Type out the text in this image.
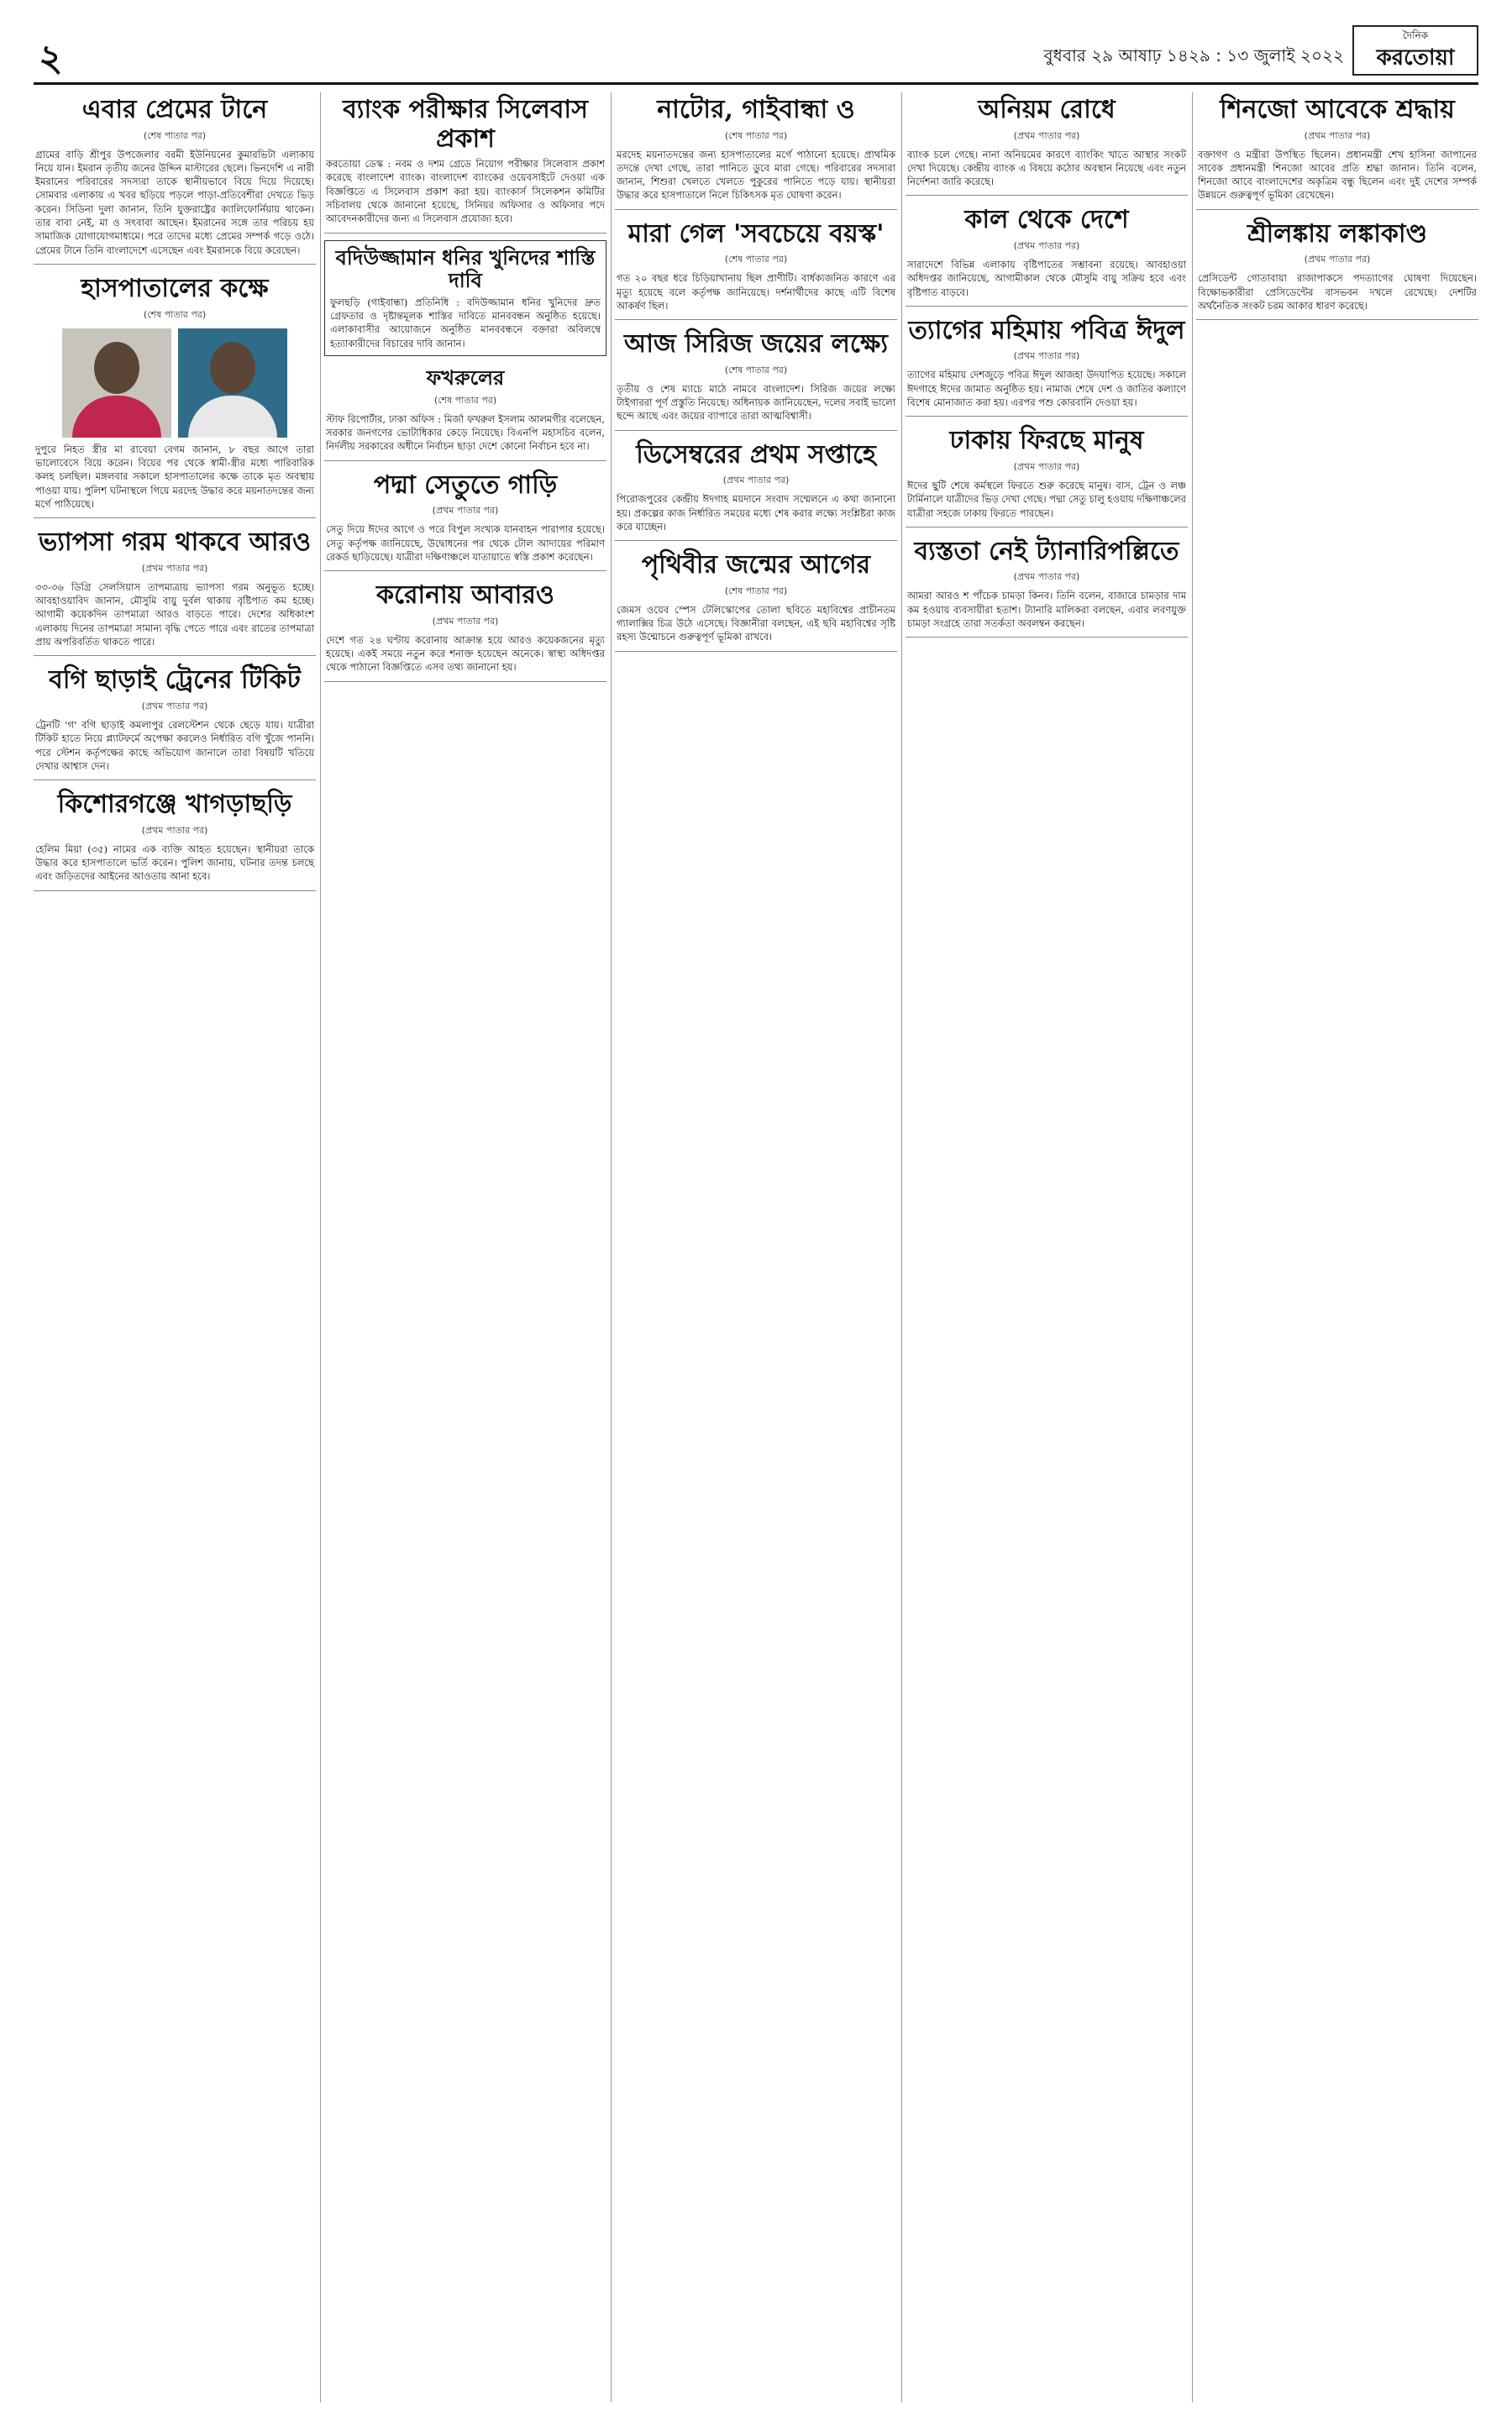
২	বুধবার ২৯ আষাঢ় ১৪২৯ : ১৩ জুলাই ২০২২
দৈনিক
করতোয়া
এবার প্রেমের টানে
(শেষ পাতার পর)
গ্রামের বাড়ি শ্রীপুর উপজেলার বরমী ইউনিয়নের কুমারভিটা এলাকায় নিয়ে যান। ইমরান তৃতীয় জনের উদ্দিন মাস্টারের ছেলে। ভিনদেশি এ নারী ইমরানের পরিবারের সদস্যরা তাকে স্থানীয়ভাবে বিয়ে দিয়ে দিয়েছে। সোমবার এলাকায় এ খবর ছড়িয়ে পড়লে পাড়া-প্রতিবেশীরা দেখতে ভিড় করেন। সিডিনা দুলা জানান, তিনি যুক্তরাষ্ট্রের ক্যালিফোর্নিয়ায় থাকেন। তার বাবা নেই, মা ও সৎবাবা আছেন। ইমরানের সঙ্গে তার পরিচয় হয় সামাজিক যোগাযোগমাধ্যমে। পরে তাদের মধ্যে প্রেমের সম্পর্ক গড়ে ওঠে। প্রেমের টানে তিনি বাংলাদেশে এসেছেন এবং ইমরানকে বিয়ে করেছেন।
হাসপাতালের কক্ষে
(শেষ পাতার পর)
দুপুরে নিহত স্ত্রীর মা রাবেয়া বেগম জানান, ৮ বছর আগে তারা ভালোবেসে বিয়ে করেন। বিয়ের পর থেকে স্বামী-স্ত্রীর মধ্যে পারিবারিক কলহ চলছিল। মঙ্গলবার সকালে হাসপাতালের কক্ষে তাকে মৃত অবস্থায় পাওয়া যায়। পুলিশ ঘটনাস্থলে গিয়ে মরদেহ উদ্ধার করে ময়নাতদন্তের জন্য মর্গে পাঠিয়েছে।
ভ্যাপসা গরম থাকবে আরও
(প্রথম পাতার পর)
৩৩-৩৬ ডিগ্রি সেলসিয়াস তাপমাত্রায় ভ্যাপসা গরম অনুভূত হচ্ছে। আবহাওয়াবিদ জানান, মৌসুমি বায়ু দুর্বল থাকায় বৃষ্টিপাত কম হচ্ছে। আগামী কয়েকদিন তাপমাত্রা আরও বাড়তে পারে। দেশের অধিকাংশ এলাকায় দিনের তাপমাত্রা সামান্য বৃদ্ধি পেতে পারে এবং রাতের তাপমাত্রা প্রায় অপরিবর্তিত থাকতে পারে।
বগি ছাড়াই ট্রেনের টিকিট
(প্রথম পাতার পর)
ট্রেনটি 'গ' বগি ছাড়াই কমলাপুর রেলস্টেশন থেকে ছেড়ে যায়। যাত্রীরা টিকিট হাতে নিয়ে প্ল্যাটফর্মে অপেক্ষা করলেও নির্ধারিত বগি খুঁজে পাননি। পরে স্টেশন কর্তৃপক্ষের কাছে অভিযোগ জানালে তারা বিষয়টি খতিয়ে দেখার আশ্বাস দেন।
কিশোরগঞ্জে খাগড়াছড়ি
(প্রথম পাতার পর)
হেলিম মিয়া (৩৫) নামের এক ব্যক্তি আহত হয়েছেন। স্থানীয়রা তাকে উদ্ধার করে হাসপাতালে ভর্তি করেন। পুলিশ জানায়, ঘটনার তদন্ত চলছে এবং জড়িতদের আইনের আওতায় আনা হবে।
ব্যাংক পরীক্ষার সিলেবাস প্রকাশ
করতোয়া ডেস্ক : নবম ও দশম গ্রেডে নিয়োগ পরীক্ষার সিলেবাস প্রকাশ করেছে বাংলাদেশ ব্যাংক। বাংলাদেশ ব্যাংকের ওয়েবসাইটে দেওয়া এক বিজ্ঞপ্তিতে এ সিলেবাস প্রকাশ করা হয়। ব্যাংকার্স সিলেকশন কমিটির সচিবালয় থেকে জানানো হয়েছে, সিনিয়র অফিসার ও অফিসার পদে আবেদনকারীদের জন্য এ সিলেবাস প্রযোজ্য হবে।
বদিউজ্জামান ধনির খুনিদের শাস্তি দাবি
ফুলছড়ি (গাইবান্ধা) প্রতিনিধি : বদিউজ্জামান ধনির খুনিদের দ্রুত গ্রেফতার ও দৃষ্টান্তমূলক শাস্তির দাবিতে মানববন্ধন অনুষ্ঠিত হয়েছে। এলাকাবাসীর আয়োজনে অনুষ্ঠিত মানববন্ধনে বক্তারা অবিলম্বে হত্যাকারীদের বিচারের দাবি জানান।
ফখরুলের
(শেষ পাতার পর)
স্টাফ রিপোর্টার, ঢাকা অফিস : মির্জা ফখরুল ইসলাম আলমগীর বলেছেন, সরকার জনগণের ভোটাধিকার কেড়ে নিয়েছে। বিএনপি মহাসচিব বলেন, নির্দলীয় সরকারের অধীনে নির্বাচন ছাড়া দেশে কোনো নির্বাচন হবে না।
পদ্মা সেতুতে গাড়ি
(প্রথম পাতার পর)
সেতু দিয়ে ঈদের আগে ও পরে বিপুল সংখ্যক যানবাহন পারাপার হয়েছে। সেতু কর্তৃপক্ষ জানিয়েছে, উদ্বোধনের পর থেকে টোল আদায়ের পরিমাণ রেকর্ড ছাড়িয়েছে। যাত্রীরা দক্ষিণাঞ্চলে যাতায়াতে স্বস্তি প্রকাশ করেছেন।
করোনায় আবারও
(প্রথম পাতার পর)
দেশে গত ২৪ ঘণ্টায় করোনায় আক্রান্ত হয়ে আরও কয়েকজনের মৃত্যু হয়েছে। একই সময়ে নতুন করে শনাক্ত হয়েছেন অনেকে। স্বাস্থ্য অধিদপ্তর থেকে পাঠানো বিজ্ঞপ্তিতে এসব তথ্য জানানো হয়।
নাটোর, গাইবান্ধা ও
(শেষ পাতার পর)
মরদেহ ময়নাতদন্তের জন্য হাসপাতালের মর্গে পাঠানো হয়েছে। প্রাথমিক তদন্তে দেখা গেছে, তারা পানিতে ডুবে মারা গেছে। পরিবারের সদস্যরা জানান, শিশুরা খেলতে খেলতে পুকুরের পানিতে পড়ে যায়। স্থানীয়রা উদ্ধার করে হাসপাতালে নিলে চিকিৎসক মৃত ঘোষণা করেন।
মারা গেল 'সবচেয়ে বয়স্ক'
(শেষ পাতার পর)
গত ২০ বছর ধরে চিড়িয়াখানায় ছিল প্রাণীটি। বার্ধক্যজনিত কারণে এর মৃত্যু হয়েছে বলে কর্তৃপক্ষ জানিয়েছে। দর্শনার্থীদের কাছে এটি বিশেষ আকর্ষণ ছিল।
আজ সিরিজ জয়ের লক্ষ্যে
(শেষ পাতার পর)
তৃতীয় ও শেষ ম্যাচে মাঠে নামবে বাংলাদেশ। সিরিজ জয়ের লক্ষ্যে টাইগাররা পূর্ণ প্রস্তুতি নিয়েছে। অধিনায়ক জানিয়েছেন, দলের সবাই ভালো ছন্দে আছে এবং জয়ের ব্যাপারে তারা আত্মবিশ্বাসী।
ডিসেম্বরের প্রথম সপ্তাহে
(প্রথম পাতার পর)
পিরোজপুরের কেন্দ্রীয় ঈদগাহ ময়দানে সংবাদ সম্মেলনে এ কথা জানানো হয়। প্রকল্পের কাজ নির্ধারিত সময়ের মধ্যে শেষ করার লক্ষ্যে সংশ্লিষ্টরা কাজ করে যাচ্ছেন।
পৃথিবীর জন্মের আগের
(শেষ পাতার পর)
জেমস ওয়েব স্পেস টেলিস্কোপের তোলা ছবিতে মহাবিশ্বের প্রাচীনতম গ্যালাক্সির চিত্র উঠে এসেছে। বিজ্ঞানীরা বলছেন, এই ছবি মহাবিশ্বের সৃষ্টি রহস্য উন্মোচনে গুরুত্বপূর্ণ ভূমিকা রাখবে।
অনিয়ম রোধে
(প্রথম পাতার পর)
ব্যাংক চলে গেছে। নানা অনিয়মের কারণে ব্যাংকিং খাতে আস্থার সংকট দেখা দিয়েছে। কেন্দ্রীয় ব্যাংক এ বিষয়ে কঠোর অবস্থান নিয়েছে এবং নতুন নির্দেশনা জারি করেছে।
কাল থেকে দেশে
(প্রথম পাতার পর)
সারাদেশে বিভিন্ন এলাকায় বৃষ্টিপাতের সম্ভাবনা রয়েছে। আবহাওয়া অধিদপ্তর জানিয়েছে, আগামীকাল থেকে মৌসুমি বায়ু সক্রিয় হবে এবং বৃষ্টিপাত বাড়বে।
ত্যাগের মহিমায় পবিত্র ঈদুল
(প্রথম পাতার পর)
ত্যাগের মহিমায় দেশজুড়ে পবিত্র ঈদুল আজহা উদযাপিত হয়েছে। সকালে ঈদগাহে ঈদের জামাত অনুষ্ঠিত হয়। নামাজ শেষে দেশ ও জাতির কল্যাণে বিশেষ মোনাজাত করা হয়। এরপর পশু কোরবানি দেওয়া হয়।
ঢাকায় ফিরছে মানুষ
(প্রথম পাতার পর)
ঈদের ছুটি শেষে কর্মস্থলে ফিরতে শুরু করেছে মানুষ। বাস, ট্রেন ও লঞ্চ টার্মিনালে যাত্রীদের ভিড় দেখা গেছে। পদ্মা সেতু চালু হওয়ায় দক্ষিণাঞ্চলের যাত্রীরা সহজে ঢাকায় ফিরতে পারছেন।
ব্যস্ততা নেই ট্যানারিপল্লিতে
(প্রথম পাতার পর)
আমরা আরও শ পাঁচেক চামড়া কিনব। তিনি বলেন, বাজারে চামড়ার দাম কম হওয়ায় ব্যবসায়ীরা হতাশ। ট্যানারি মালিকরা বলছেন, এবার লবণযুক্ত চামড়া সংগ্রহে তারা সতর্কতা অবলম্বন করছেন।
শিনজো আবেকে শ্রদ্ধায়
(প্রথম পাতার পর)
বক্তাগণ ও মন্ত্রীরা উপস্থিত ছিলেন। প্রধানমন্ত্রী শেখ হাসিনা জাপানের সাবেক প্রধানমন্ত্রী শিনজো আবের প্রতি শ্রদ্ধা জানান। তিনি বলেন, শিনজো আবে বাংলাদেশের অকৃত্রিম বন্ধু ছিলেন এবং দুই দেশের সম্পর্ক উন্নয়নে গুরুত্বপূর্ণ ভূমিকা রেখেছেন।
শ্রীলঙ্কায় লঙ্কাকাণ্ড
(প্রথম পাতার পর)
প্রেসিডেন্ট গোতাবায়া রাজাপাকসে পদত্যাগের ঘোষণা দিয়েছেন। বিক্ষোভকারীরা প্রেসিডেন্টের বাসভবন দখলে রেখেছে। দেশটির অর্থনৈতিক সংকট চরম আকার ধারণ করেছে।
